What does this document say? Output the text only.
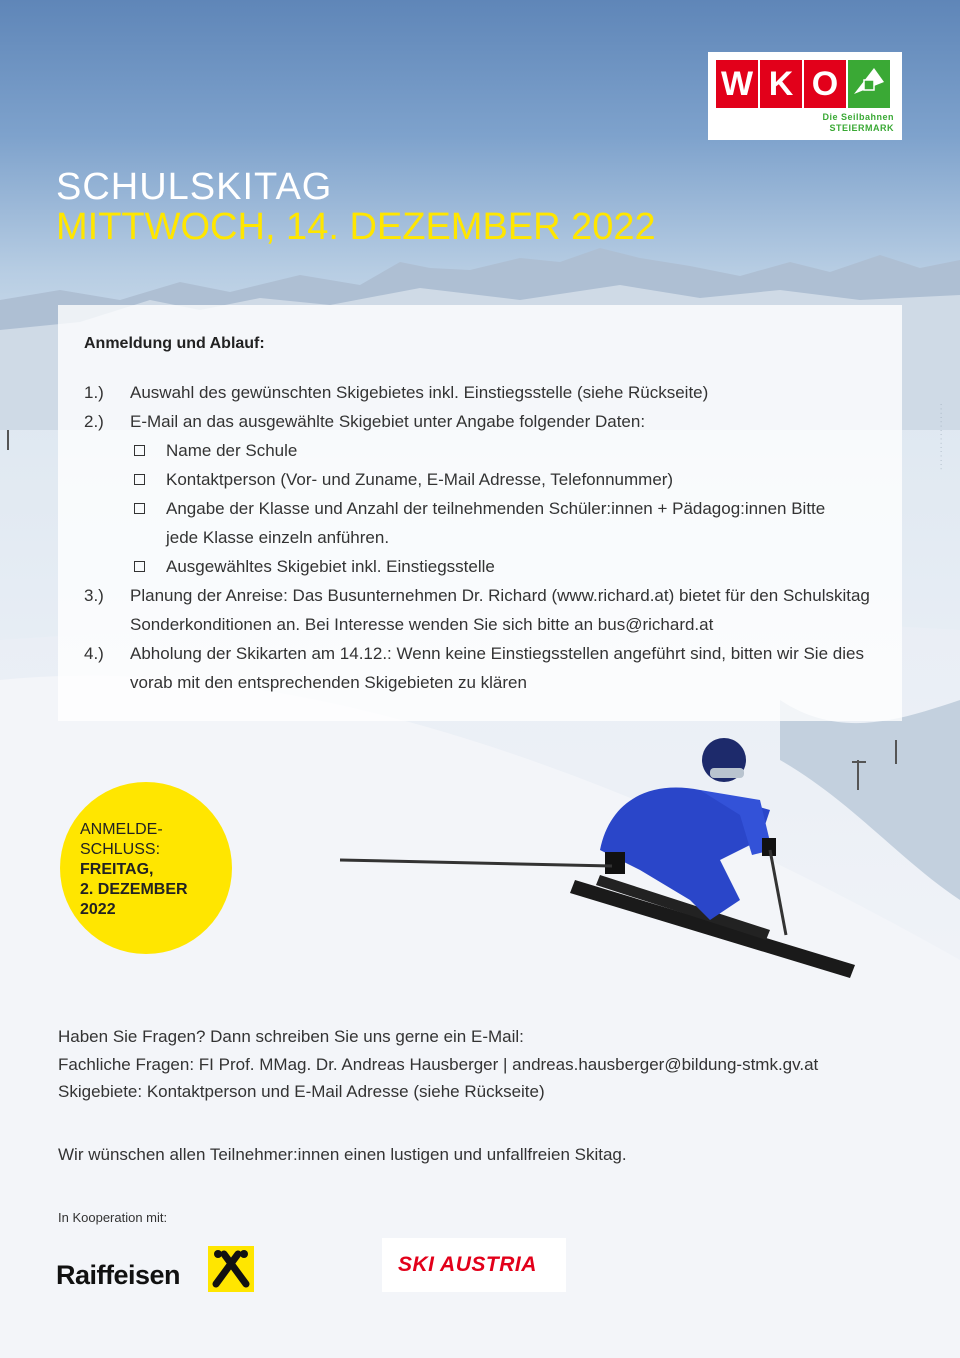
W K O
Die Seilbahnen
STEIERMARK
SCHULSKITAG
MITTWOCH, 14. DEZEMBER 2022
Anmeldung und Ablauf:
1.)	Auswahl des gewünschten Skigebietes inkl. Einstiegsstelle (siehe Rückseite)
2.)	E-Mail an das ausgewählte Skigebiet unter Angabe folgender Daten:
Name der Schule
Kontaktperson (Vor- und Zuname, E-Mail Adresse, Telefonnummer)
Angabe der Klasse und Anzahl der teilnehmenden Schüler:innen + Pädagog:innen Bitte jede Klasse einzeln anführen.
Ausgewähltes Skigebiet inkl. Einstiegsstelle
3.)	Planung der Anreise: Das Busunternehmen Dr. Richard (www.richard.at) bietet für den Schulskitag Sonderkonditionen an. Bei Interesse wenden Sie sich bitte an bus@richard.at
4.)	Abholung der Skikarten am 14.12.: Wenn keine Einstiegsstellen angeführt sind, bitten wir Sie dies vorab mit den entsprechenden Skigebieten zu klären
· · · · · · · · · · · · · · · ·
ANMELDE-
SCHLUSS:
FREITAG,
2. DEZEMBER
2022
Haben Sie Fragen? Dann schreiben Sie uns gerne ein E-Mail:
Fachliche Fragen: FI Prof. MMag. Dr. Andreas Hausberger | andreas.hausberger@bildung-stmk.gv.at
Skigebiete: Kontaktperson und E-Mail Adresse (siehe Rückseite)
Wir wünschen allen Teilnehmer:innen einen lustigen und unfallfreien Skitag.
In Kooperation mit:
Raiffeisen	SKI AUSTRIA
